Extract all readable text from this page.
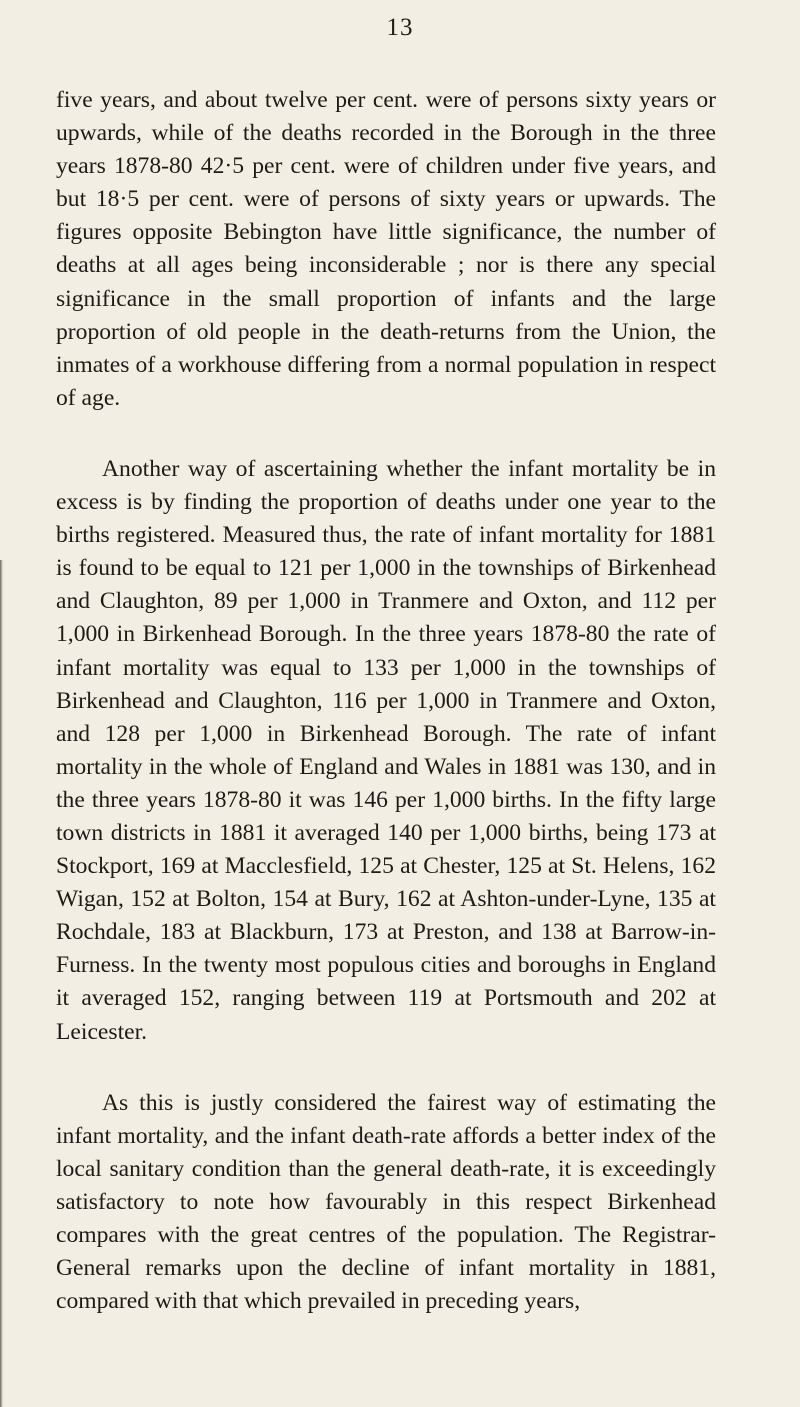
13

five years, and about twelve per cent. were of persons sixty years or upwards, while of the deaths recorded in the Borough in the three years 1878-80 42·5 per cent. were of children under five years, and but 18·5 per cent. were of persons of sixty years or upwards. The figures opposite Bebington have little significance, the number of deaths at all ages being inconsiderable ; nor is there any special significance in the small proportion of infants and the large proportion of old people in the death-returns from the Union, the inmates of a workhouse differing from a normal population in respect of age.

Another way of ascertaining whether the infant mortality be in excess is by finding the proportion of deaths under one year to the births registered. Measured thus, the rate of infant mortality for 1881 is found to be equal to 121 per 1,000 in the townships of Birkenhead and Claughton, 89 per 1,000 in Tranmere and Oxton, and 112 per 1,000 in Birkenhead Borough. In the three years 1878-80 the rate of infant mortality was equal to 133 per 1,000 in the townships of Birkenhead and Claughton, 116 per 1,000 in Tranmere and Oxton, and 128 per 1,000 in Birkenhead Borough. The rate of infant mortality in the whole of England and Wales in 1881 was 130, and in the three years 1878-80 it was 146 per 1,000 births. In the fifty large town districts in 1881 it averaged 140 per 1,000 births, being 173 at Stockport, 169 at Macclesfield, 125 at Chester, 125 at St. Helens, 162 Wigan, 152 at Bolton, 154 at Bury, 162 at Ashton-under-Lyne, 135 at Rochdale, 183 at Blackburn, 173 at Preston, and 138 at Barrow-in-Furness. In the twenty most populous cities and boroughs in England it averaged 152, ranging between 119 at Portsmouth and 202 at Leicester.

As this is justly considered the fairest way of estimating the infant mortality, and the infant death-rate affords a better index of the local sanitary condition than the general death-rate, it is exceedingly satisfactory to note how favourably in this respect Birkenhead compares with the great centres of the population. The Registrar-General remarks upon the decline of infant mortality in 1881, compared with that which prevailed in preceding years,
